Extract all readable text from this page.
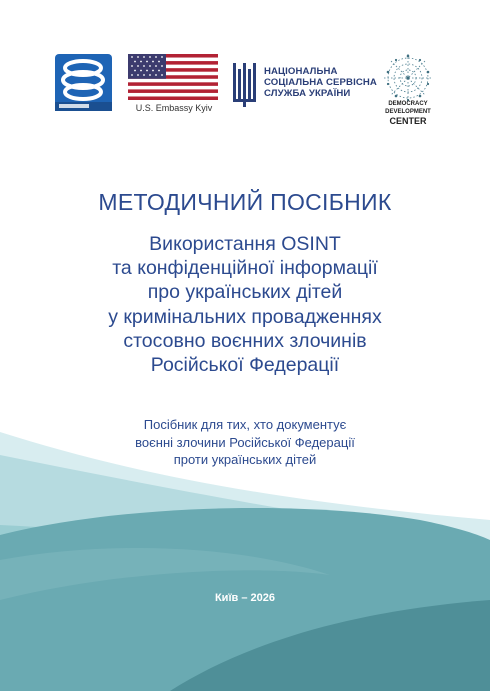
U.S. Embassy Kyiv
НАЦІОНАЛЬНА
СОЦІАЛЬНА СЕРВІСНА
СЛУЖБА УКРАЇНИ
DEMOCRACY DEVELOPMENT
CENTER
МЕТОДИЧНИЙ ПОСІБНИК
Використання OSINT
та конфіденційної інформації
про українських дітей
у кримінальних провадженнях
стосовно воєнних злочинів
Російської Федерації
Посібник для тих, хто документує
воєнні злочини Російської Федерації
проти українських дітей
Київ – 2026
